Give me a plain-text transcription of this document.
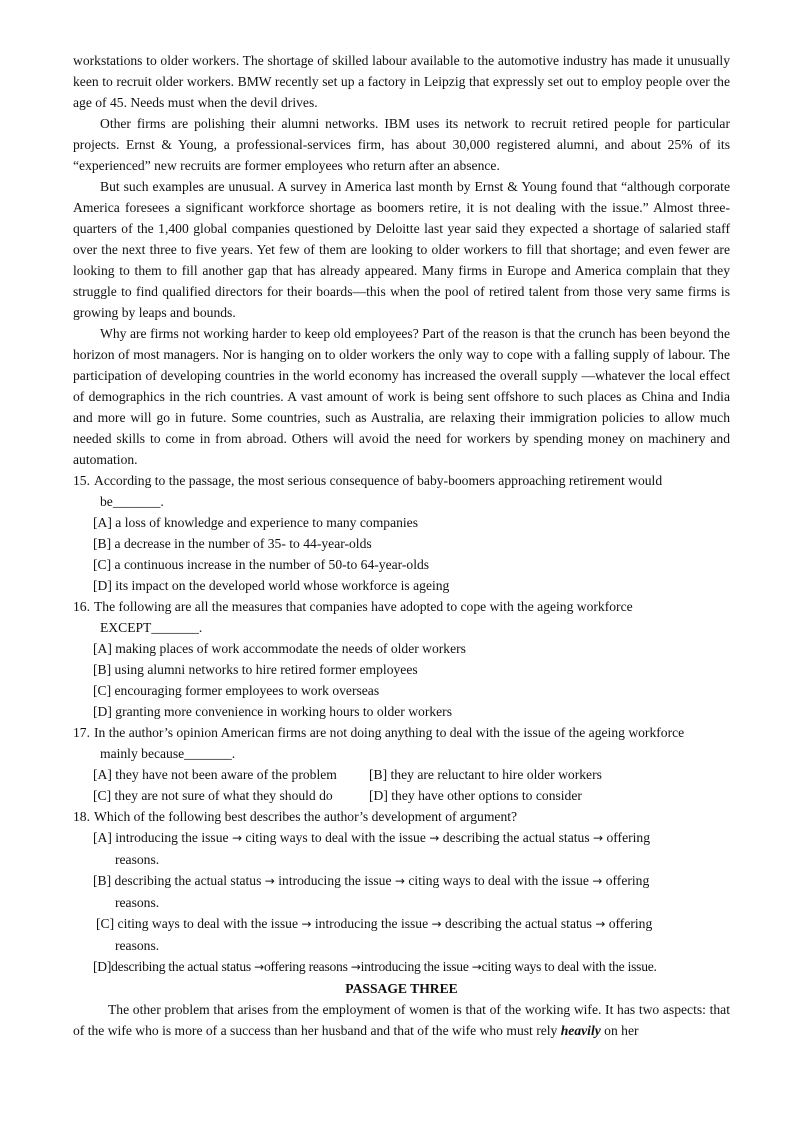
workstations to older workers. The shortage of skilled labour available to the automotive industry has made it unusually keen to recruit older workers. BMW recently set up a factory in Leipzig that expressly set out to employ people over the age of 45. Needs must when the devil drives.

Other firms are polishing their alumni networks. IBM uses its network to recruit retired people for particular projects. Ernst & Young, a professional-services firm, has about 30,000 registered alumni, and about 25% of its “experienced” new recruits are former employees who return after an absence.

But such examples are unusual. A survey in America last month by Ernst & Young found that “although corporate America foresees a significant workforce shortage as boomers retire, it is not dealing with the issue.” Almost three-quarters of the 1,400 global companies questioned by Deloitte last year said they expected a shortage of salaried staff over the next three to five years. Yet few of them are looking to older workers to fill that shortage; and even fewer are looking to them to fill another gap that has already appeared. Many firms in Europe and America complain that they struggle to find qualified directors for their boards—this when the pool of retired talent from those very same firms is growing by leaps and bounds.

Why are firms not working harder to keep old employees? Part of the reason is that the crunch has been beyond the horizon of most managers. Nor is hanging on to older workers the only way to cope with a falling supply of labour. The participation of developing countries in the world economy has increased the overall supply —whatever the local effect of demographics in the rich countries. A vast amount of work is being sent offshore to such places as China and India and more will go in future. Some countries, such as Australia, are relaxing their immigration policies to allow much needed skills to come in from abroad. Others will avoid the need for workers by spending money on machinery and automation.

15. According to the passage, the most serious consequence of baby-boomers approaching retirement would
be_______.

[A] a loss of knowledge and experience to many companies

[B] a decrease in the number of 35- to 44-year-olds

[C] a continuous increase in the number of 50-to 64-year-olds

[D] its impact on the developed world whose workforce is ageing

16. The following are all the measures that companies have adopted to cope with the ageing workforce
EXCEPT_______.

[A] making places of work accommodate the needs of older workers

[B] using alumni networks to hire retired former employees

[C] encouraging former employees to work overseas

[D] granting more convenience in working hours to older workers

17. In the author’s opinion American firms are not doing anything to deal with the issue of the ageing workforce
mainly because_______.
[A] they have not been aware of the problem	[B] they are reluctant to hire older workers
[C] they are not sure of what they should do	[D] they have other options to consider
18. Which of the following best describes the author’s development of argument?
[A] introducing the issue → citing ways to deal with the issue → describing the actual status → offering
reasons.
[B] describing the actual status → introducing the issue → citing ways to deal with the issue → offering
reasons.
[C] citing ways to deal with the issue → introducing the issue → describing the actual status → offering
reasons.
[D]describing the actual status →offering reasons →introducing the issue →citing ways to deal with the issue.

PASSAGE THREE

The other problem that arises from the employment of women is that of the working wife. It has two aspects: that of the wife who is more of a success than her husband and that of the wife who must rely heavily on her
